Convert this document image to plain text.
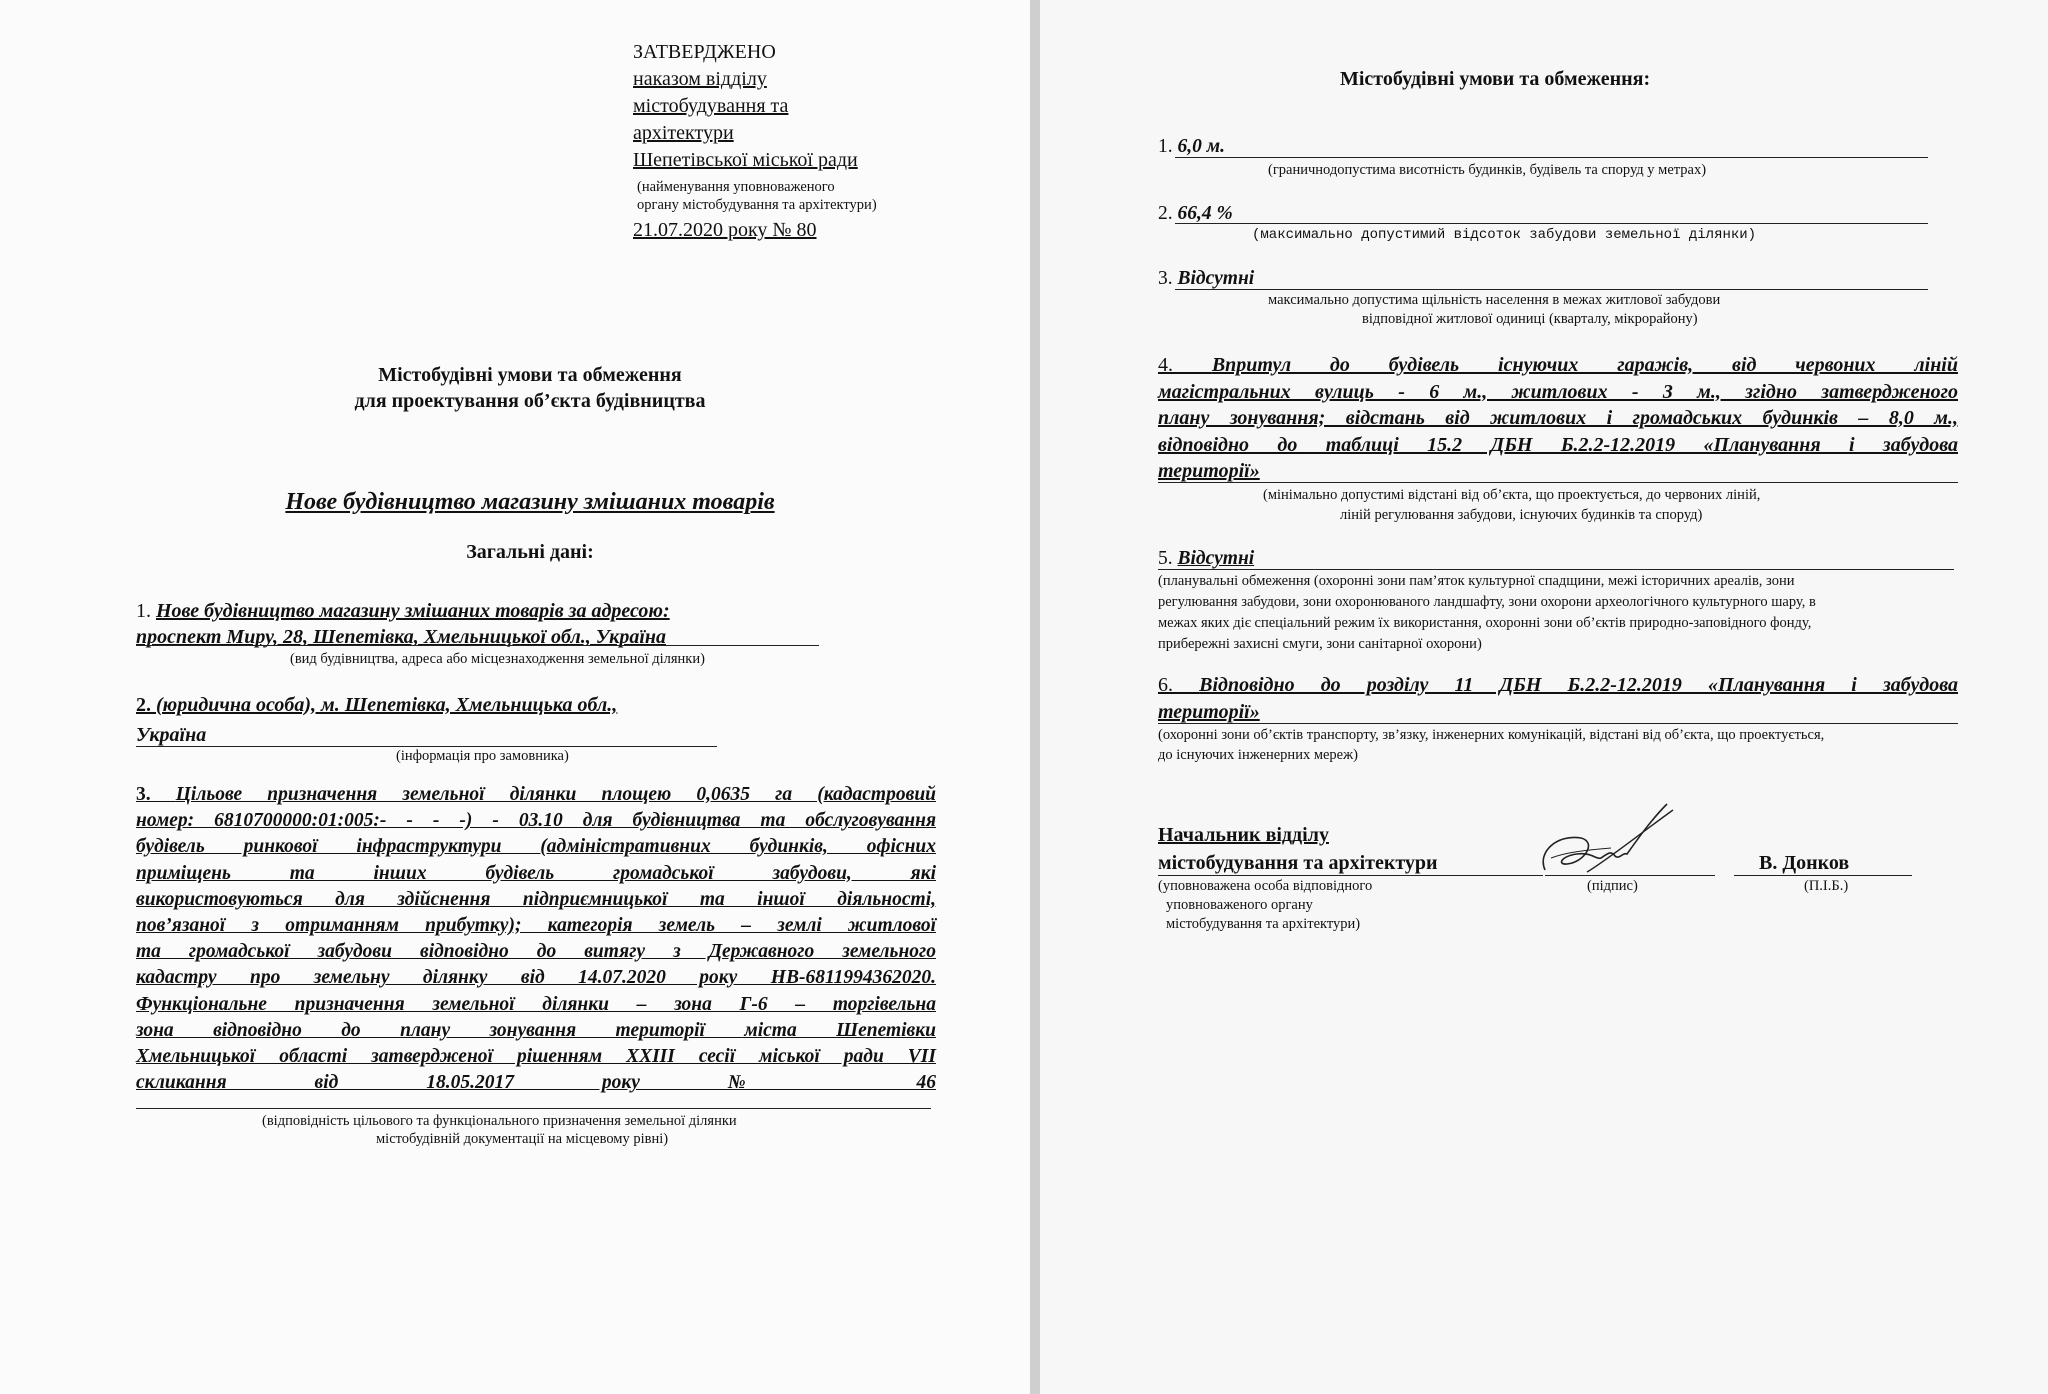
ЗАТВЕРДЖЕНО
наказом відділу
містобудування та
архітектури
Шепетівської міської ради
(найменування уповноваженого
органу містобудування та архітектури)
21.07.2020 року № 80
Містобудівні умови та обмеження
для проектування об’єкта будівництва
Нове будівництво магазину змішаних товарів
Загальні дані:
1. Нове будівництво магазину змішаних товарів за адресою:
проспект Миру, 28, Шепетівка, Хмельницької обл., Україна
(вид будівництва, адреса або місцезнаходження земельної ділянки)
2. (юридична особа), м. Шепетівка, Хмельницька обл.,
Україна
(інформація про замовника)
3. Цільове призначення земельної ділянки площею 0,0635 га (кадастровий
номер: 6810700000:01:005:- - - -) - 03.10 для будівництва та обслуговування
будівель ринкової інфраструктури (адміністративних будинків, офісних
приміщень та інших будівель громадської забудови, які
використовуються для здійснення підприємницької та іншої діяльності,
пов’язаної з отриманням прибутку); категорія земель – землі житлової
та громадської забудови відповідно до витягу з Державного земельного
кадастру про земельну ділянку від 14.07.2020 року НВ-6811994362020.
Функціональне призначення земельної ділянки – зона Г-6 – торгівельна
зона відповідно до плану зонування території міста Шепетівки
Хмельницької області затвердженої рішенням ХХIII сесії міської ради VII
скликання від 18.05.2017 року № 46
(відповідність цільового та функціонального призначення земельної ділянки
містобудівній документації на місцевому рівні)
Містобудівні умови та обмеження:
1. 6,0 м.
(граничнодопустима висотність будинків, будівель та споруд у метрах)
2. 66,4 %
(максимально допустимий відсоток забудови земельної ділянки)
3. Відсутні
максимально допустима щільність населення в межах житлової забудови
відповідної житлової одиниці (кварталу, мікрорайону)
4. Впритул до будівель існуючих гаражів, від червоних ліній
магістральних вулиць - 6 м., житлових - 3 м., згідно затвердженого
плану зонування; відстань від житлових і громадських будинків – 8,0 м.,
відповідно до таблиці 15.2 ДБН Б.2.2-12.2019 «Планування і забудова
території»
(мінімально допустимі відстані від об’єкта, що проектується, до червоних ліній,
ліній регулювання забудови, існуючих будинків та споруд)
5. Відсутні
(планувальні обмеження (охоронні зони пам’яток культурної спадщини, межі історичних ареалів, зони
регулювання забудови, зони охоронюваного ландшафту, зони охорони археологічного культурного шару, в
межах яких діє спеціальний режим їх використання, охоронні зони об’єктів природно-заповідного фонду,
прибережні захисні смуги, зони санітарної охорони)
6. Відповідно до розділу 11 ДБН Б.2.2-12.2019 «Планування і забудова
території»
(охоронні зони об’єктів транспорту, зв’язку, інженерних комунікацій, відстані від об’єкта, що проектується,
до існуючих інженерних мереж)
Начальник відділу
містобудування та архітектури
(уповноважена особа відповідного
уповноваженого органу
містобудування та архітектури)
(підпис)
В. Донков
(П.І.Б.)
